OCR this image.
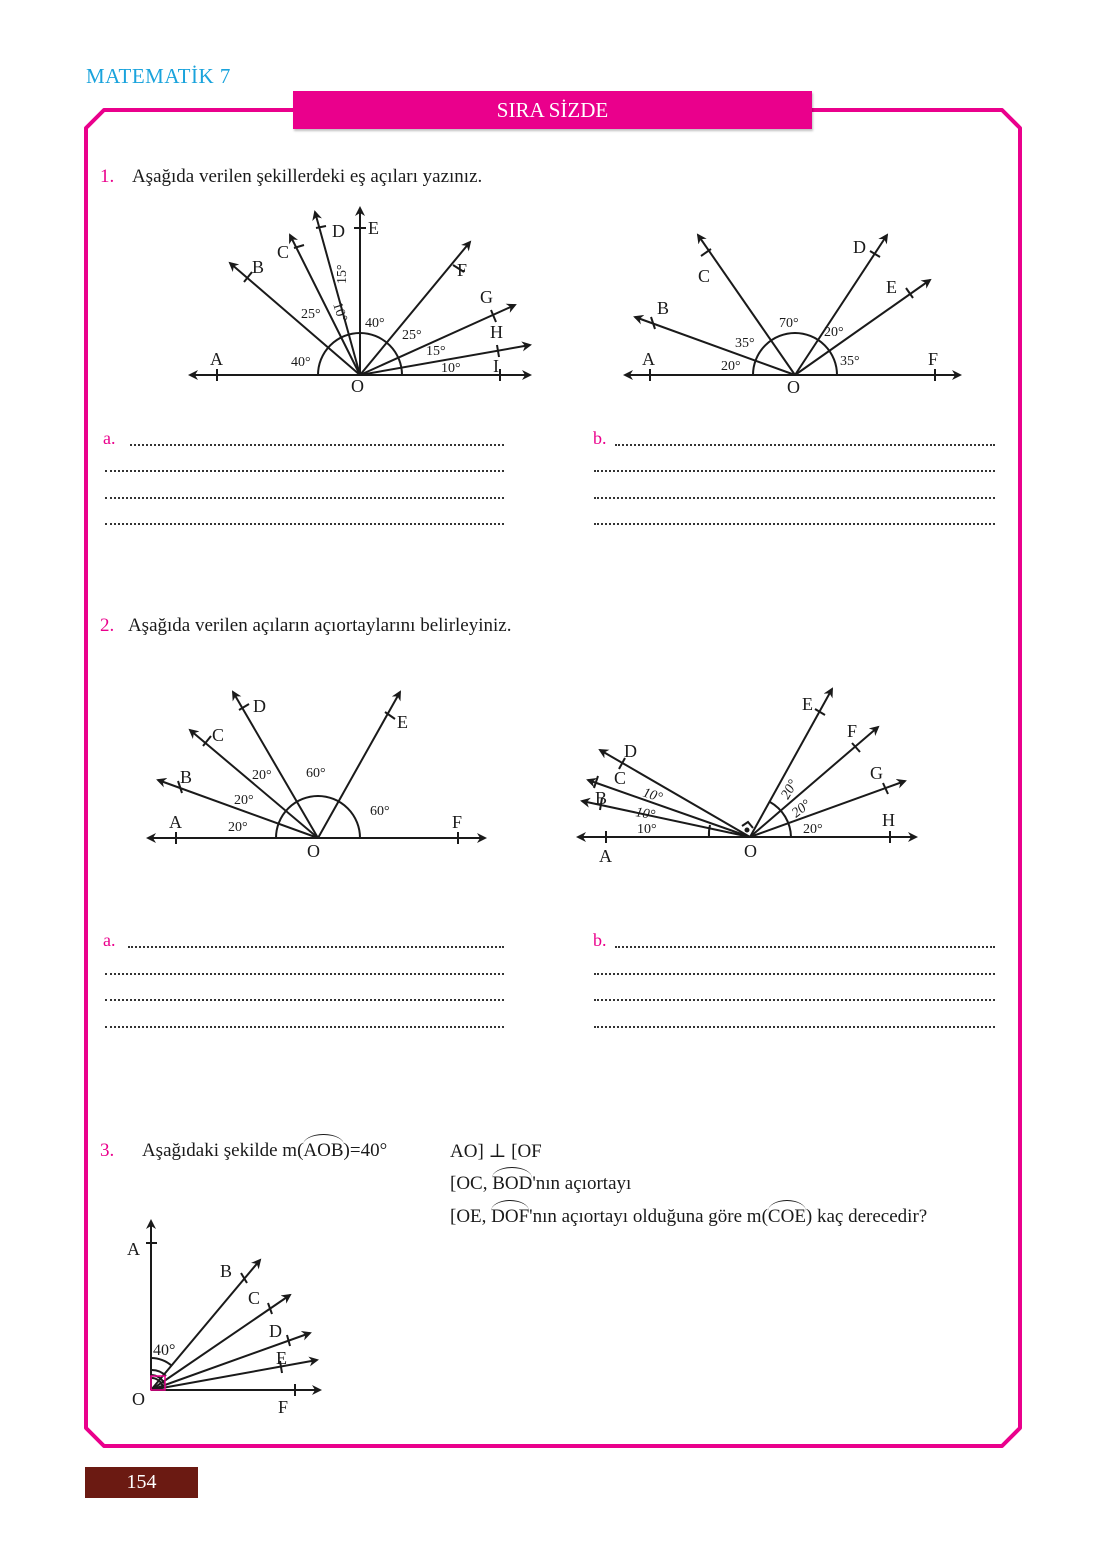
MATEMATİK 7
SIRA SİZDE
1. Aşağıda verilen şekillerdeki eş açıları yazınız.
A
B
C
D E
F
G
H
I
O
40°
25° 10°
15°
40°
25°
15°
10°	A
B
C
D
E
F
O
20°
35°
70°
20°
35°
a.	b.
2. Aşağıda verilen açıların açıortaylarını belirleyiniz.
A
B
C
D
E
F
O
20°
20°
20° 60°
60°
A
B
C
D
E
F
G
H
O
10°
10°
10°	20°
20°
20°
a.	b.
3. Aşağıdaki şekilde m(AOB)=40°	AO] ⊥ [OF
[OC, BOD'nın açıortayı
[OE, DOF'nın açıortayı olduğuna göre m(COE) kaç derecedir?
A
B
C
D
E
F
O
40°
154
